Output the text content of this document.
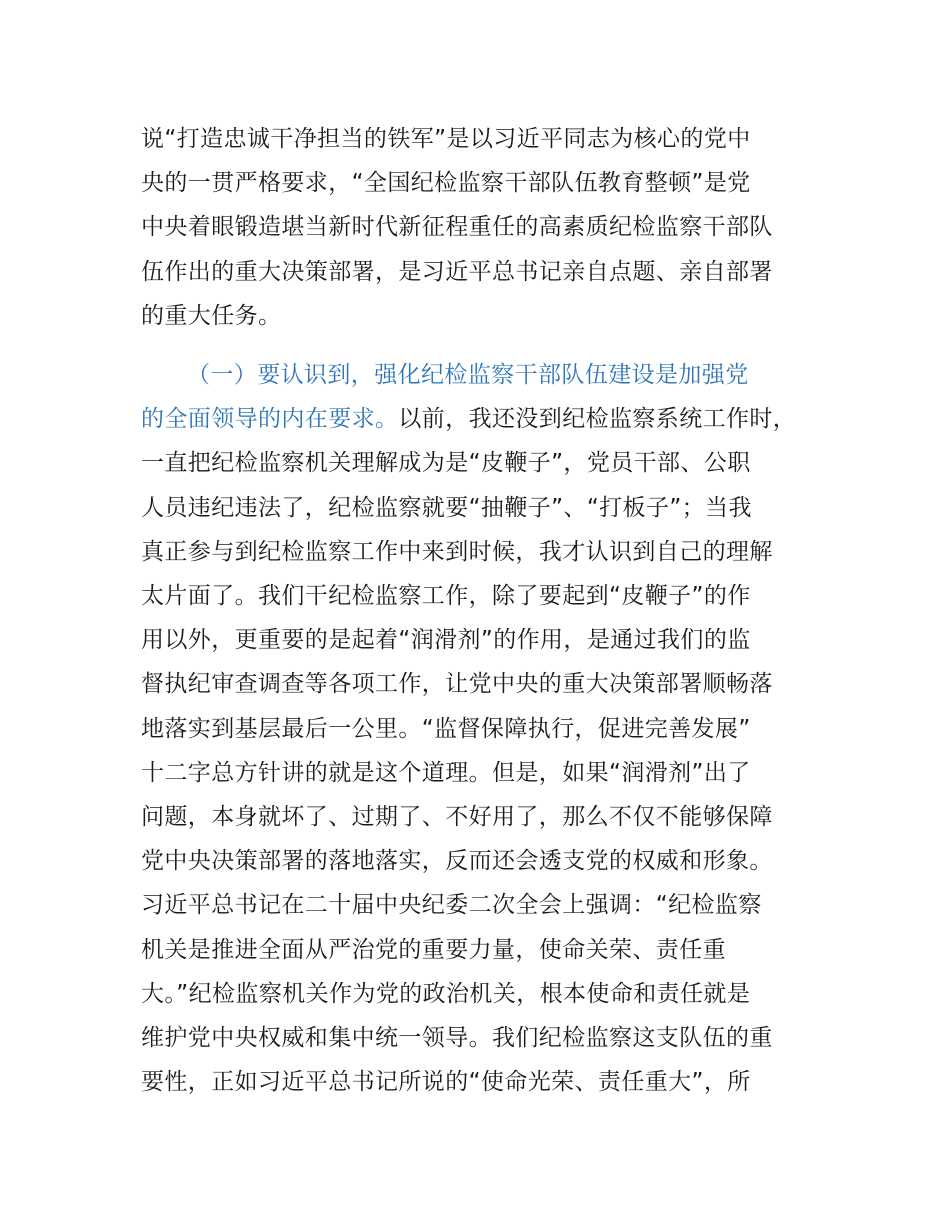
说“打造忠诚干净担当的铁军”是以习近平同志为核心的党中
央的一贯严格要求，“全国纪检监察干部队伍教育整顿”是党
中央着眼锻造堪当新时代新征程重任的高素质纪检监察干部队
伍作出的重大决策部署，是习近平总书记亲自点题、亲自部署
的重大任务。
（一）要认识到，强化纪检监察干部队伍建设是加强党
的全面领导的内在要求。以前，我还没到纪检监察系统工作时，
一直把纪检监察机关理解成为是“皮鞭子”，党员干部、公职
人员违纪违法了，纪检监察就要“抽鞭子”、“打板子”；当我
真正参与到纪检监察工作中来到时候，我才认识到自己的理解
太片面了。我们干纪检监察工作，除了要起到“皮鞭子”的作
用以外，更重要的是起着“润滑剂”的作用，是通过我们的监
督执纪审查调查等各项工作，让党中央的重大决策部署顺畅落
地落实到基层最后一公里。“监督保障执行，促进完善发展”
十二字总方针讲的就是这个道理。但是，如果“润滑剂”出了
问题，本身就坏了、过期了、不好用了，那么不仅不能够保障
党中央决策部署的落地落实，反而还会透支党的权威和形象。
习近平总书记在二十届中央纪委二次全会上强调：“纪检监察
机关是推进全面从严治党的重要力量，使命关荣、责任重
大。”纪检监察机关作为党的政治机关，根本使命和责任就是
维护党中央权威和集中统一领导。我们纪检监察这支队伍的重
要性，正如习近平总书记所说的“使命光荣、责任重大”，所
